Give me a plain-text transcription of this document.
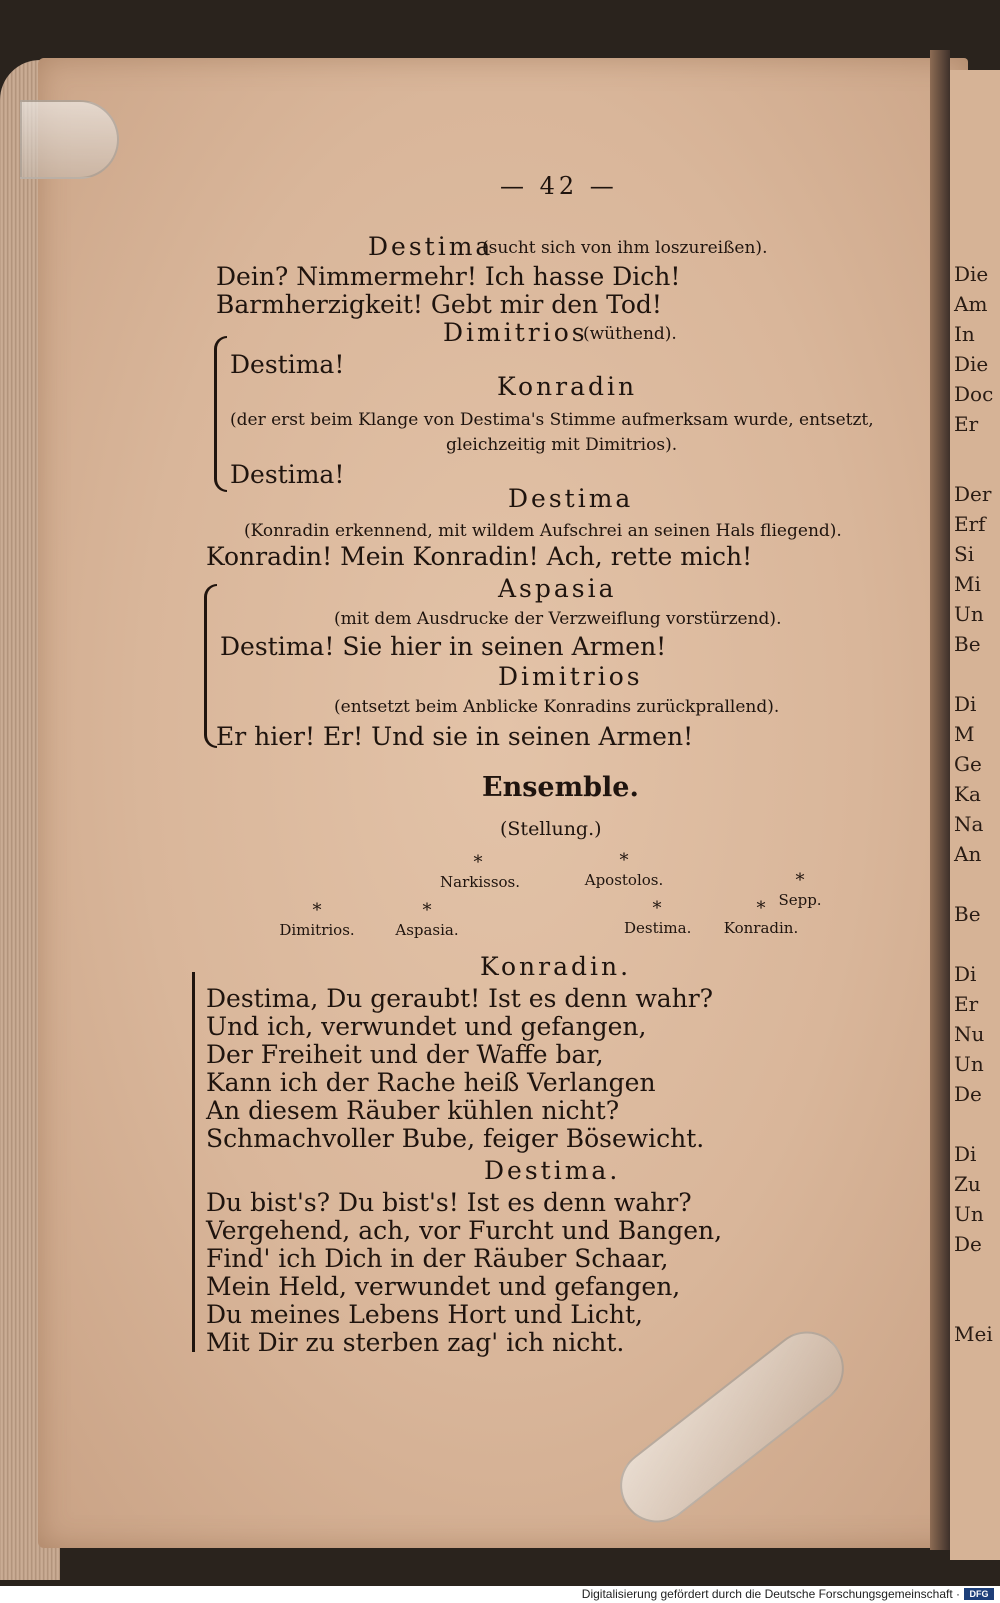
Die
Am
In
Die
Doc
Er
Der
Erf
Si
Mi
Un
Be
Di
M
Ge
Ka
Na
An
Be
Di
Er
Nu
Un
De
Di
Zu
Un
De
Mei
— 42 —
Destima
(sucht sich von ihm loszureißen).
Dein? Nimmermehr! Ich hasse Dich!
Barmherzigkeit! Gebt mir den Tod!
Dimitrios
(wüthend).
Destima!
Konradin
(der erst beim Klange von Destima's Stimme aufmerksam wurde, entsetzt,
gleichzeitig mit Dimitrios).
Destima!
Destima
(Konradin erkennend, mit wildem Aufschrei an seinen Hals fliegend).
Konradin! Mein Konradin! Ach, rette mich!
Aspasia
(mit dem Ausdrucke der Verzweiflung vorstürzend).
Destima! Sie hier in seinen Armen!
Dimitrios
(entsetzt beim Anblicke Konradins zurückprallend).
Er hier! Er! Und sie in seinen Armen!
Ensemble.
(Stellung.)
*
Narkissos.
*
Apostolos.	*
Sepp.
*
Dimitrios.
*
Aspasia.
*
Destima.
*
Konradin.
Konradin.
Destima, Du geraubt! Ist es denn wahr?
Und ich, verwundet und gefangen,
Der Freiheit und der Waffe bar,
Kann ich der Rache heiß Verlangen
An diesem Räuber kühlen nicht?
Schmachvoller Bube, feiger Bösewicht.
Destima.
Du bist's? Du bist's! Ist es denn wahr?
Vergehend, ach, vor Furcht und Bangen,
Find' ich Dich in der Räuber Schaar,
Mein Held, verwundet und gefangen,
Du meines Lebens Hort und Licht,
Mit Dir zu sterben zag' ich nicht.
Digitalisierung gefördert durch die Deutsche Forschungsgemeinschaft ·	DFG
